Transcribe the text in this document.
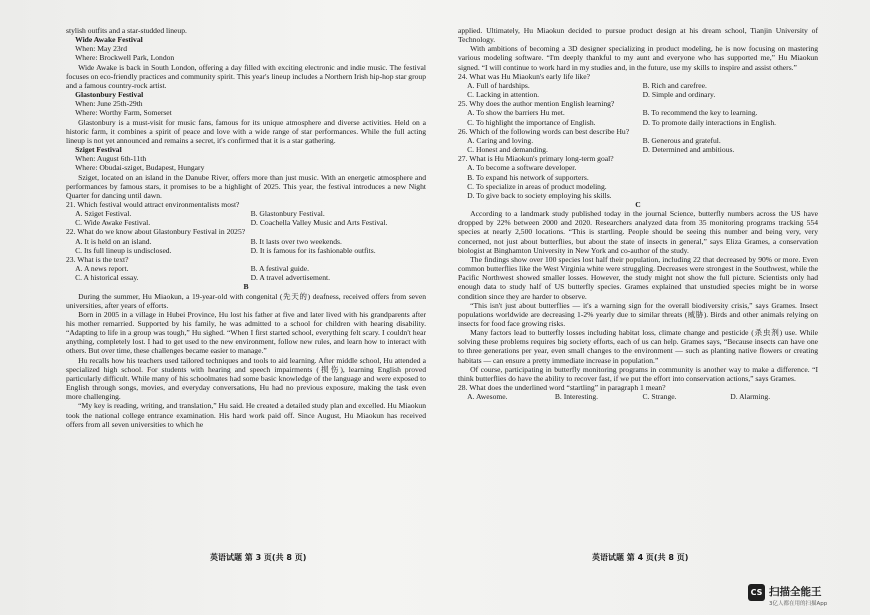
stylish outfits and a star-studded lineup.

Wide Awake Festival

When: May 23rd

Where: Brockwell Park, London

Wide Awake is back in South London, offering a day filled with exciting electronic and indie music. The festival focuses on eco-friendly practices and community spirit. This year's lineup includes a Northern Irish hip-hop star group and a famous country-rock artist.

Glastonbury Festival

When: June 25th-29th

Where: Worthy Farm, Somerset

Glastonbury is a must-visit for music fans, famous for its unique atmosphere and diverse activities. Held on a historic farm, it combines a spirit of peace and love with a wide range of star performances. While the full acting lineup is not yet announced and remains a secret, it's confirmed that it is a star gathering.

Sziget Festival

When: August 6th-11th

Where: Obudai-sziget, Budapest, Hungary

Sziget, located on an island in the Danube River, offers more than just music. With an energetic atmosphere and performances by famous stars, it promises to be a highlight of 2025. This year, the festival introduces a new Night Quarter for dancing until dawn.

21. Which festival would attract environmentalists most?

A. Sziget Festival.	B. Glastonbury Festival.
C. Wide Awake Festival.	D. Coachella Valley Music and Arts Festival.

22. What do we know about Glastonbury Festival in 2025?

A. It is held on an island.	B. It lasts over two weekends.
C. Its full lineup is undisclosed.	D. It is famous for its fashionable outfits.

23. What is the text?

A. A news report.	B. A festival guide.
C. A historical essay.	D. A travel advertisement.

B

During the summer, Hu Miaokun, a 19-year-old with congenital (先天的) deafness, received offers from seven universities, after years of efforts.

Born in 2005 in a village in Hubei Province, Hu lost his father at five and later lived with his grandparents after his mother remarried. Supported by his family, he was admitted to a school for children with hearing disability. “Adapting to life in a group was tough,” Hu sighed. “When I first started school, everything felt scary. I couldn't hear anything, completely lost. I had to get used to the new environment, follow new rules, and learn how to interact with others. But over time, these challenges became easier to manage.”

Hu recalls how his teachers used tailored techniques and tools to aid learning. After middle school, Hu attended a specialized high school. For students with hearing and speech impairments (损伤), learning English proved particularly difficult. While many of his schoolmates had some basic knowledge of the language and were exposed to English through songs, movies, and everyday conversations, Hu had no previous exposure, making the task even more challenging.

“My key is reading, writing, and translation,” Hu said. He created a detailed study plan and excelled. Hu Miaokun took the national college entrance examination. His hard work paid off. Since August, Hu Miaokun has received offers from all seven universities to which he

applied. Ultimately, Hu Miaokun decided to pursue product design at his dream school, Tianjin University of Technology.

With ambitions of becoming a 3D designer specializing in product modeling, he is now focusing on mastering various modeling software. “I'm deeply thankful to my aunt and everyone who has supported me,” Hu Miaokun signed. “I will continue to work hard in my studies and, in the future, use my skills to inspire and assist others.”

24. What was Hu Miaokun's early life like?

A. Full of hardships.	B. Rich and carefree.
C. Lacking in attention.	D. Simple and ordinary.

25. Why does the author mention English learning?

A. To show the barriers Hu met.	B. To recommend the key to learning.
C. To highlight the importance of English.	D. To promote daily interactions in English.

26. Which of the following words can best describe Hu?

A. Caring and loving.	B. Generous and grateful.
C. Honest and demanding.	D. Determined and ambitious.

27. What is Hu Miaokun's primary long-term goal?

A. To become a software developer.

B. To expand his network of supporters.

C. To specialize in areas of product modeling.

D. To give back to society employing his skills.

C

According to a landmark study published today in the journal Science, butterfly numbers across the US have dropped by 22% between 2000 and 2020. Researchers analyzed data from 35 monitoring programs tracking 554 species at nearly 2,500 locations. “This is startling. People should be seeing this number and being very, very concerned, not just about butterflies, but about the state of insects in general,” says Eliza Grames, a conservation biologist at Binghamton University in New York and co-author of the study.

The findings show over 100 species lost half their population, including 22 that decreased by 90% or more. Even common butterflies like the West Virginia white were struggling. Decreases were strongest in the Southwest, while the Pacific Northwest showed smaller losses. However, the study might not show the full picture. Scientists only had enough data to study half of US butterfly species. Grames explained that unstudied species might be in worse condition since they are harder to observe.

“This isn't just about butterflies — it's a warning sign for the overall biodiversity crisis,” says Grames. Insect populations worldwide are decreasing 1-2% yearly due to similar threats (威胁). Birds and other animals relying on insects for food face growing risks.

Many factors lead to butterfly losses including habitat loss, climate change and pesticide (杀虫剂) use. While solving these problems requires big society efforts, each of us can help. Grames says, “Because insects can have one to three generations per year, even small changes to the environment — such as planting native flowers or creating habitats — can ensure a pretty immediate increase in population.”

Of course, participating in butterfly monitoring programs in community is another way to make a difference. “I think butterflies do have the ability to recover fast, if we put the effort into conservation actions,” says Grames.

28. What does the underlined word “startling” in paragraph 1 mean?

A. Awesome.	B. Interesting.	C. Strange.	D. Alarming.
英语试题 第 3 页(共 8 页)	英语试题 第 4 页(共 8 页)
CS 扫描全能王
3亿人都在用的扫描App
